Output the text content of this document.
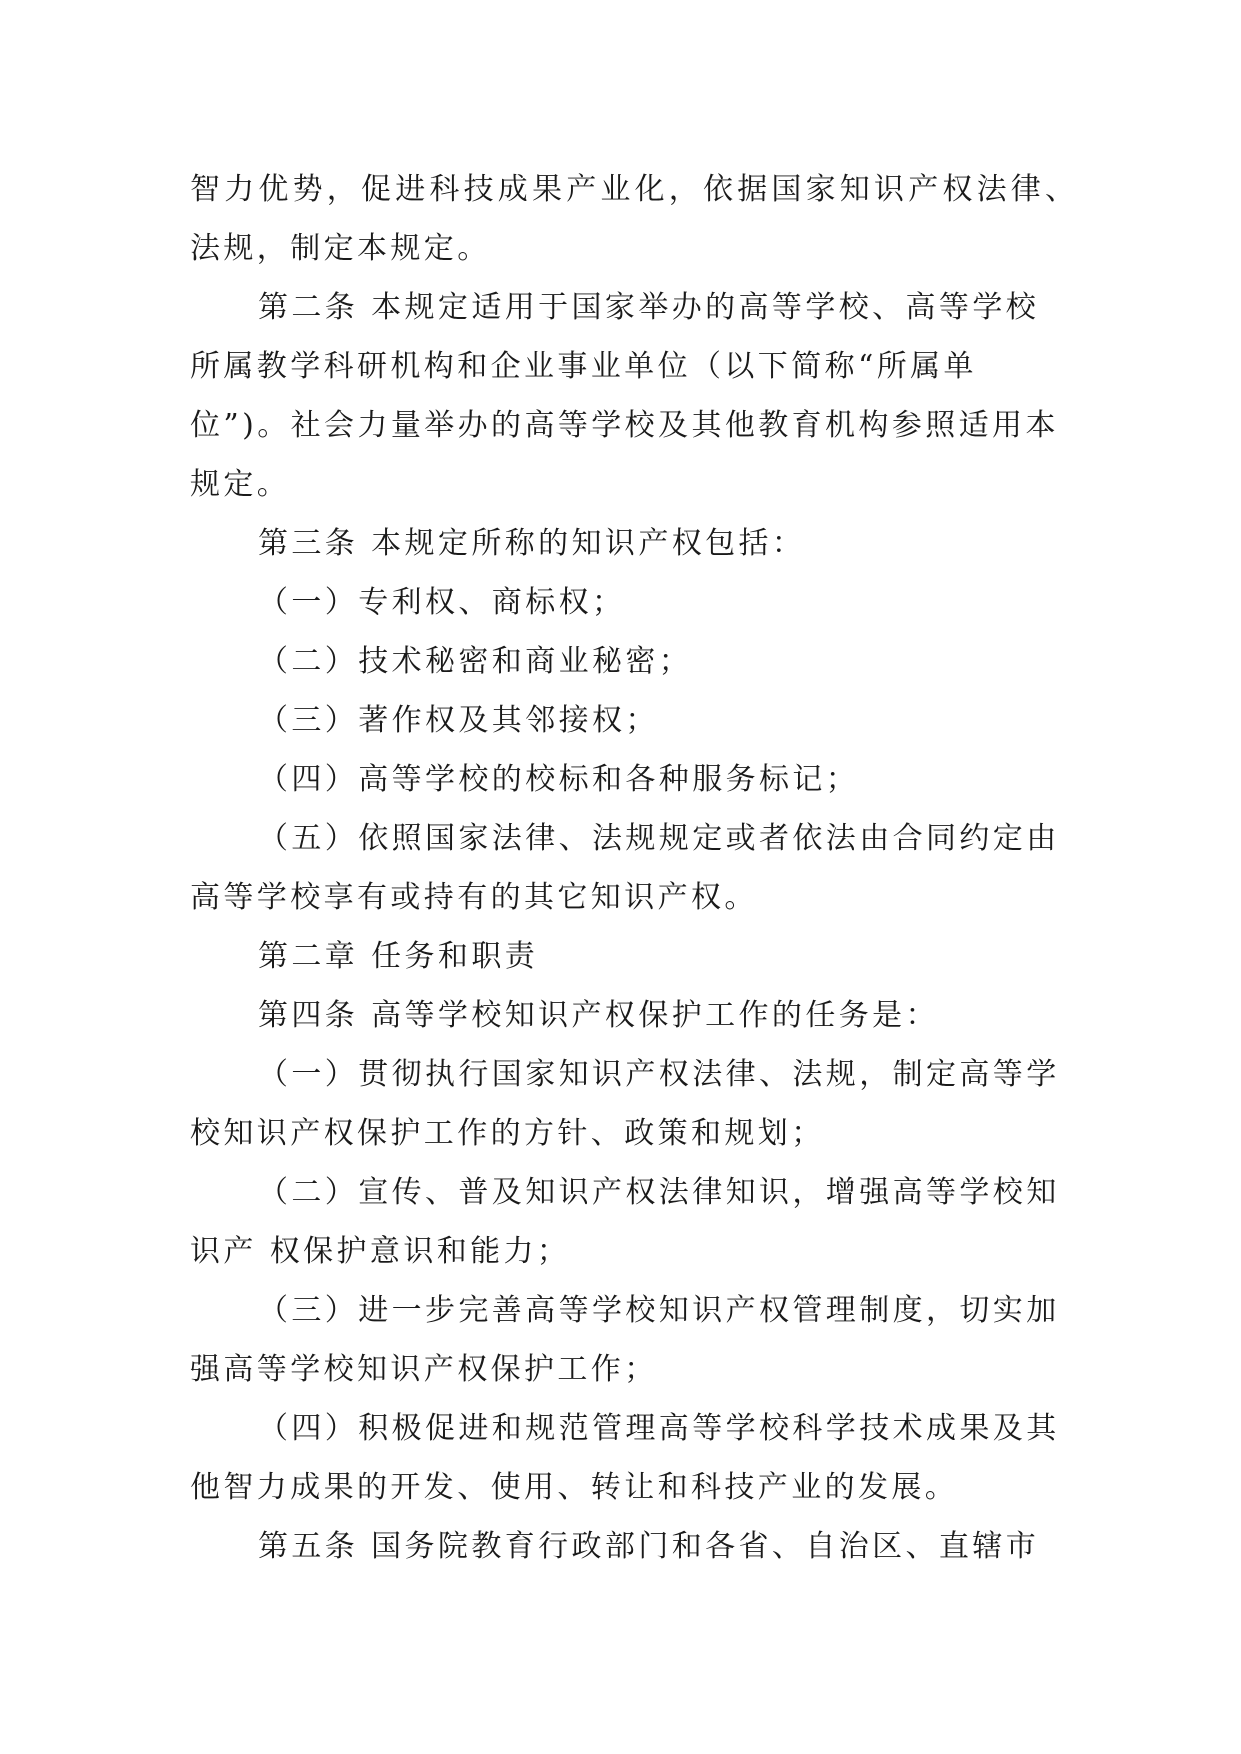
智力优势，促进科技成果产业化，依据国家知识产权法律、
法规，制定本规定。
第二条 本规定适用于国家举办的高等学校、高等学校
所属教学科研机构和企业事业单位（以下简称“所属单
位”)。社会力量举办的高等学校及其他教育机构参照适用本
规定。
第三条 本规定所称的知识产权包括：
（一）专利权、商标权；
（二）技术秘密和商业秘密；
（三）著作权及其邻接权；
（四）高等学校的校标和各种服务标记；
（五）依照国家法律、法规规定或者依法由合同约定由
高等学校享有或持有的其它知识产权。
第二章 任务和职责
第四条 高等学校知识产权保护工作的任务是：
（一）贯彻执行国家知识产权法律、法规，制定高等学
校知识产权保护工作的方针、政策和规划；
（二）宣传、普及知识产权法律知识，增强高等学校知
识产 权保护意识和能力；
（三）进一步完善高等学校知识产权管理制度，切实加
强高等学校知识产权保护工作；
（四）积极促进和规范管理高等学校科学技术成果及其
他智力成果的开发、使用、转让和科技产业的发展。
第五条 国务院教育行政部门和各省、自治区、直辖市
